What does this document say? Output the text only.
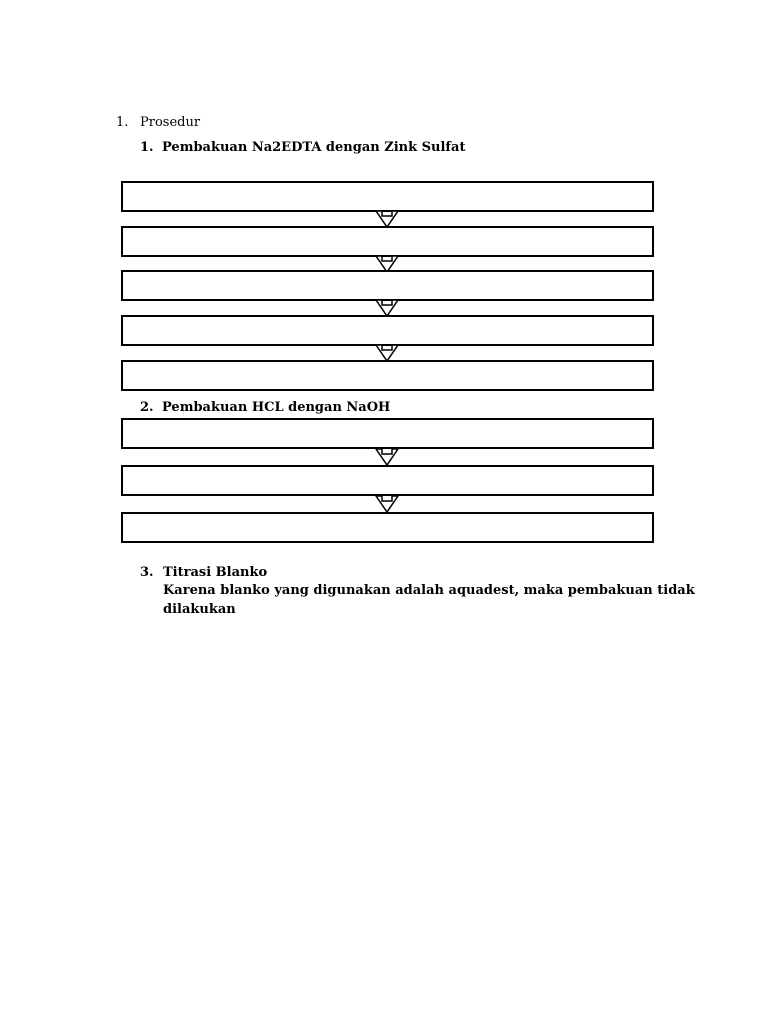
1. Prosedur
1. Pembakuan Na2EDTA dengan Zink Sulfat
2. Pembakuan HCL dengan NaOH
3. Titrasi Blanko
Karena blanko yang digunakan adalah aquadest, maka pembakuan tidak
dilakukan
